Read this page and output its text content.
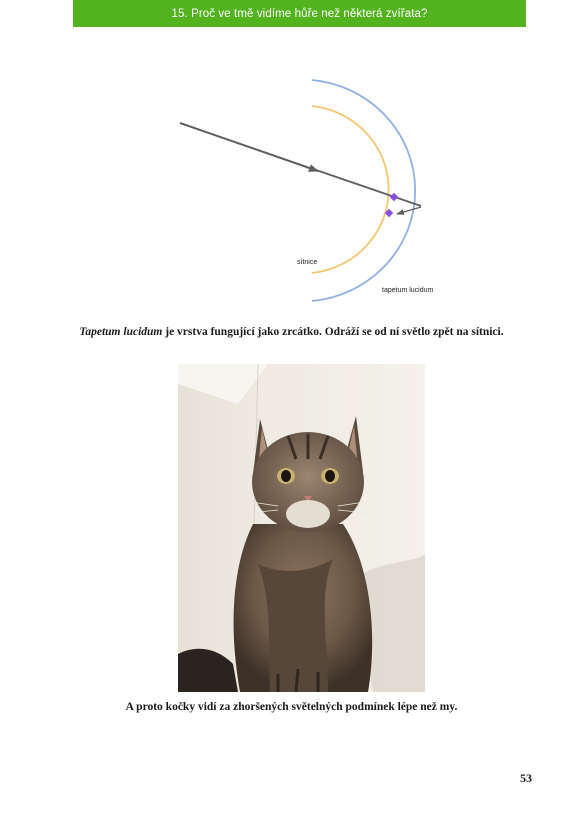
15. Proč ve tmě vidíme hůře než některá zvířata?
sítnice
tapetum lucidum
Tapetum lucidum je vrstva fungující jako zrcátko. Odráží se od ní světlo zpět na sítnici.
A proto kočky vidí za zhoršených světelných podmínek lépe než my.
53
